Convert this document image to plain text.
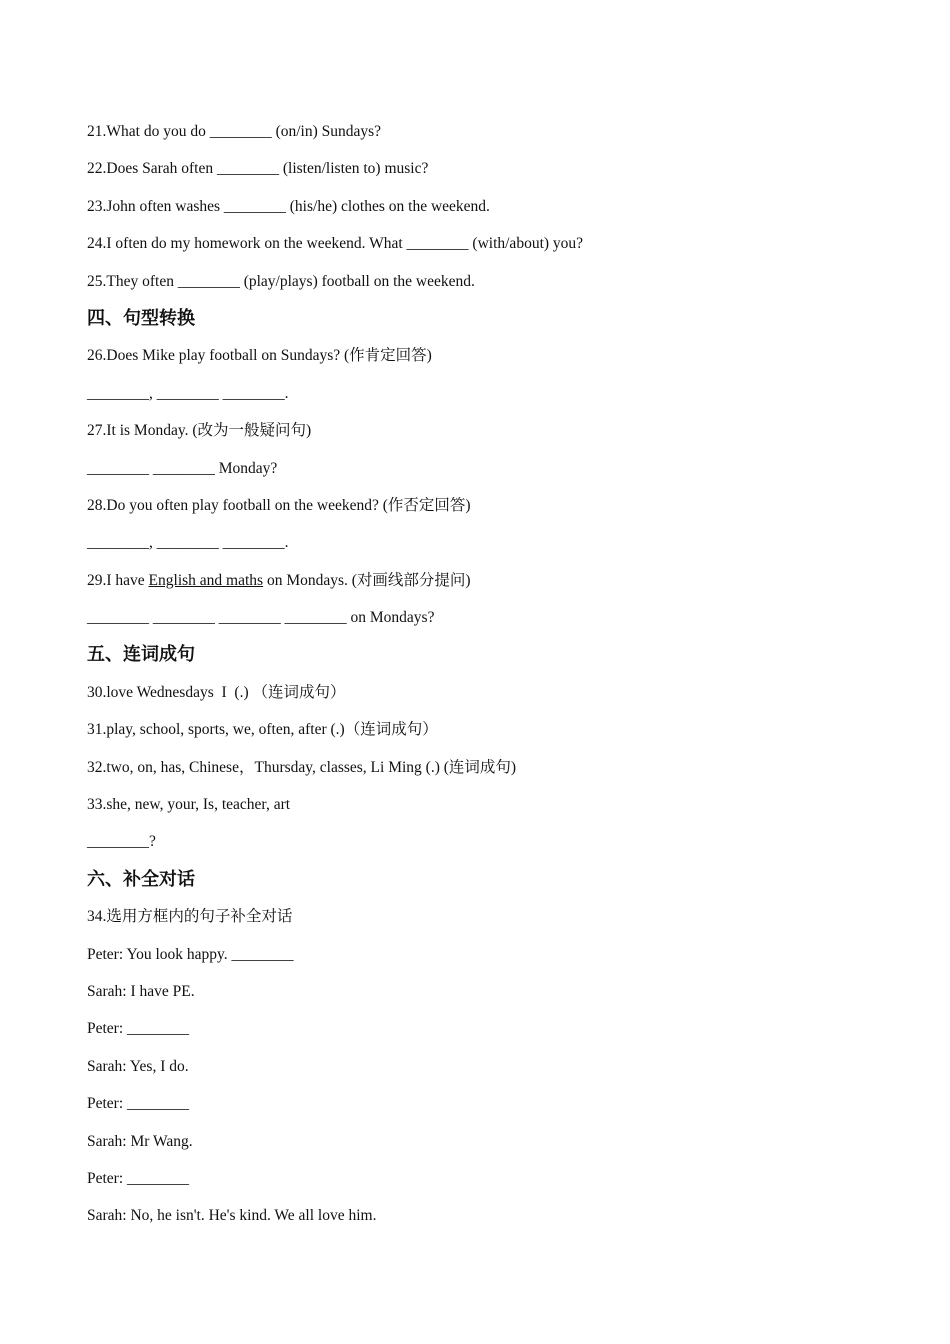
21.What do you do ________ (on/in) Sundays?
22.Does Sarah often ________ (listen/listen to) music?
23.John often washes ________ (his/he) clothes on the weekend.
24.I often do my homework on the weekend. What ________ (with/about) you?
25.They often ________ (play/plays) football on the weekend.
四、句型转换
26.Does Mike play football on Sundays? (作肯定回答)
________, ________ ________.
27.It is Monday. (改为一般疑问句)
________ ________ Monday?
28.Do you often play football on the weekend? (作否定回答)
________, ________ ________.
29.I have English and maths on Mondays. (对画线部分提问)
________ ________ ________ ________ on Mondays?
五、连词成句
30.love Wednesdays  I  (.) （连词成句）
31.play, school, sports, we, often, after (.)（连词成句）
32.two, on, has, Chinese，Thursday, classes, Li Ming (.) (连词成句)
33.she, new, your, Is, teacher, art
________?
六、补全对话
34.选用方框内的句子补全对话
Peter: You look happy. ________
Sarah: I have PE.
Peter: ________
Sarah: Yes, I do.
Peter: ________
Sarah: Mr Wang.
Peter: ________
Sarah: No, he isn't. He's kind. We all love him.
